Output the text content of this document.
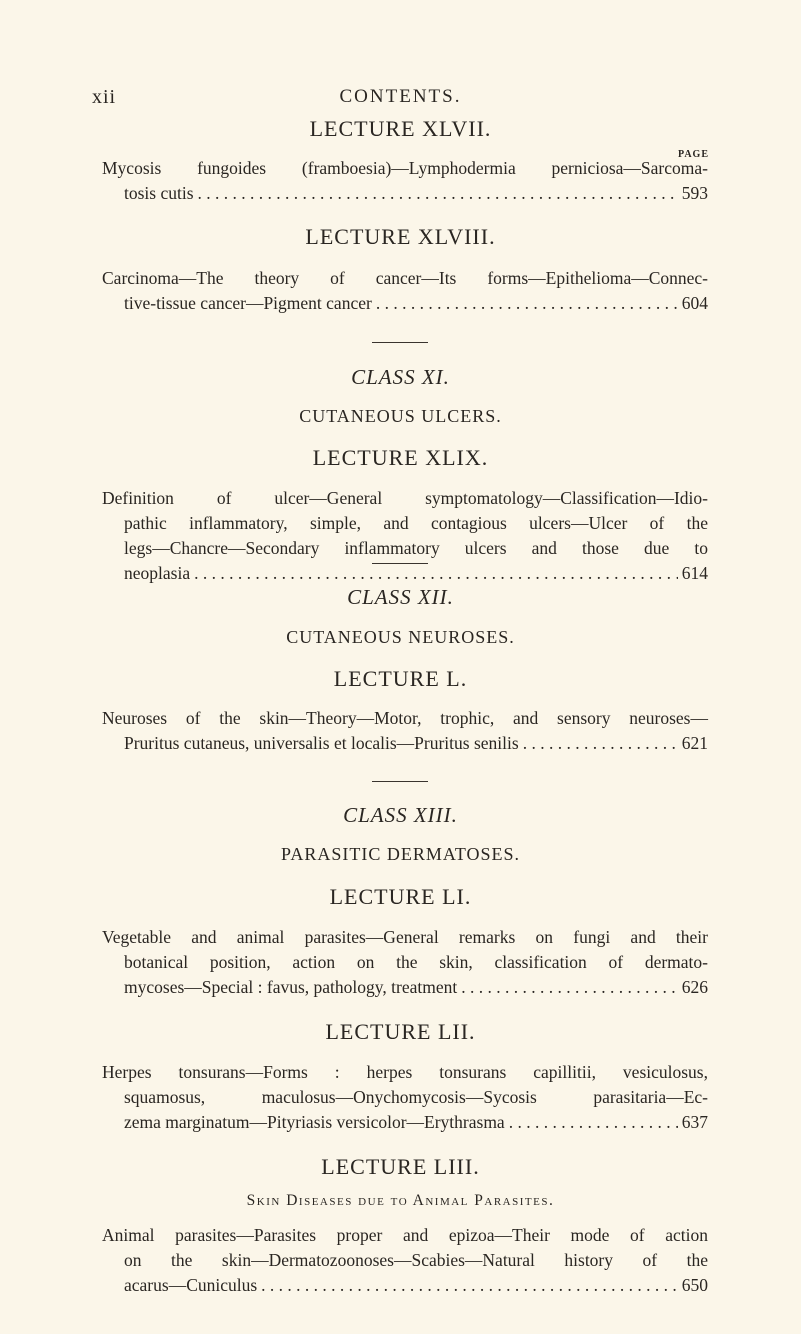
xii	CONTENTS.
LECTURE XLVII.
PAGE
Mycosis fungoides (framboesia)—Lymphodermia perniciosa—Sarcoma-
tosis cutis . . .	593
LECTURE XLVIII.
Carcinoma—The theory of cancer—Its forms—Epithelioma—Connec-
tive-tissue cancer—Pigment cancer . . .	604
CLASS XI.
CUTANEOUS ULCERS.
LECTURE XLIX.
Definition of ulcer—General symptomatology—Classification—Idio-
pathic inflammatory, simple, and contagious ulcers—Ulcer of the
legs—Chancre—Secondary inflammatory ulcers and those due to
neoplasia . . .	614
CLASS XII.
CUTANEOUS NEUROSES.
LECTURE L.
Neuroses of the skin—Theory—Motor, trophic, and sensory neuroses—
Pruritus cutaneus, universalis et localis—Pruritus senilis . . .	621
CLASS XIII.
PARASITIC DERMATOSES.
LECTURE LI.
Vegetable and animal parasites—General remarks on fungi and their
botanical position, action on the skin, classification of dermato-
mycoses—Special : favus, pathology, treatment . . .	626
LECTURE LII.
Herpes tonsurans—Forms : herpes tonsurans capillitii, vesiculosus,
squamosus, maculosus—Onychomycosis—Sycosis parasitaria—Ec-
zema marginatum—Pityriasis versicolor—Erythrasma . . .	637
LECTURE LIII.
Skin Diseases due to Animal Parasites.
Animal parasites—Parasites proper and epizoa—Their mode of action
on the skin—Dermatozoonoses—Scabies—Natural history of the
acarus—Cuniculus . . .	650
